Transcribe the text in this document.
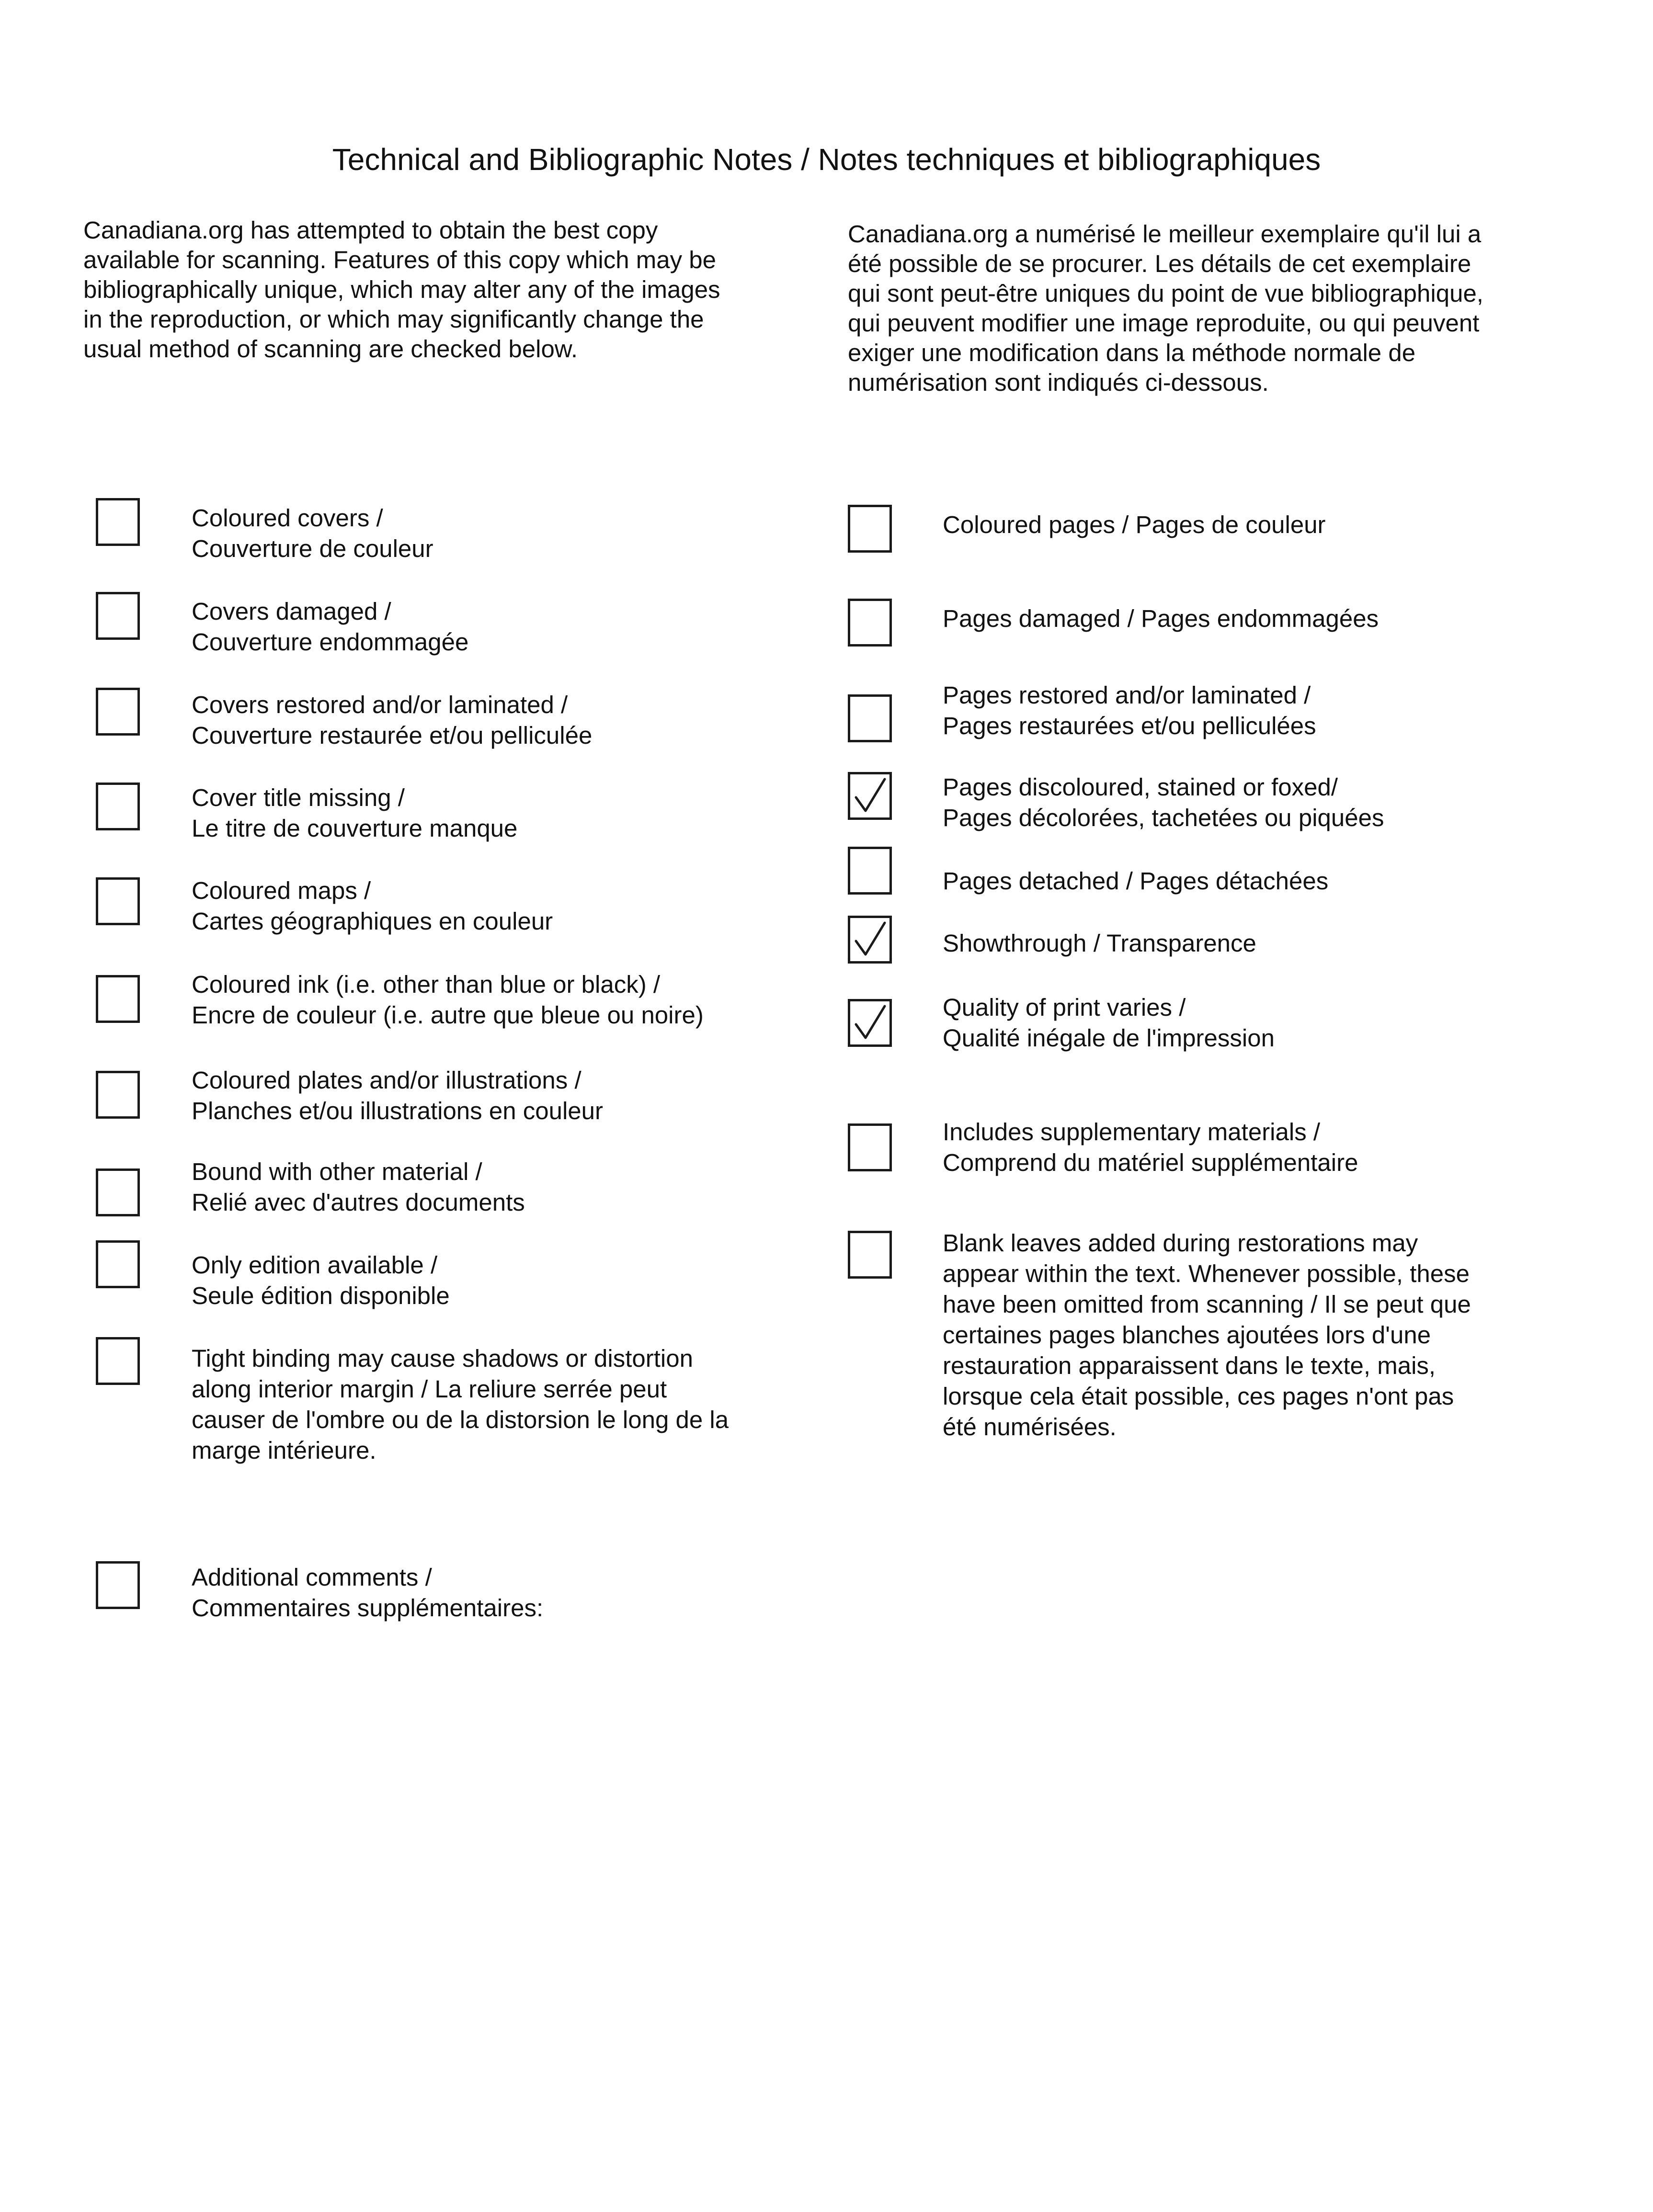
Technical and Bibliographic Notes / Notes techniques et bibliographiques
Canadiana.org has attempted to obtain the best copy
available for scanning. Features of this copy which may be
bibliographically unique, which may alter any of the images
in the reproduction, or which may significantly change the
usual method of scanning are checked below.
Canadiana.org a numérisé le meilleur exemplaire qu'il lui a
été possible de se procurer. Les détails de cet exemplaire
qui sont peut-être uniques du point de vue bibliographique,
qui peuvent modifier une image reproduite, ou qui peuvent
exiger une modification dans la méthode normale de
numérisation sont indiqués ci-dessous.
Coloured covers /
Couverture de couleur
Covers damaged /
Couverture endommagée
Covers restored and/or laminated /
Couverture restaurée et/ou pelliculée
Cover title missing /
Le titre de couverture manque
Coloured maps /
Cartes géographiques en couleur
Coloured ink (i.e. other than blue or black) /
Encre de couleur (i.e. autre que bleue ou noire)
Coloured plates and/or illustrations /
Planches et/ou illustrations en couleur
Bound with other material /
Relié avec d'autres documents
Only edition available /
Seule édition disponible
Tight binding may cause shadows or distortion
along interior margin / La reliure serrée peut
causer de l'ombre ou de la distorsion le long de la
marge intérieure.
Additional comments /
Commentaires supplémentaires:
Coloured pages / Pages de couleur
Pages damaged / Pages endommagées
Pages restored and/or laminated /
Pages restaurées et/ou pelliculées
Pages discoloured, stained or foxed/
Pages décolorées, tachetées ou piquées
Pages detached / Pages détachées
Showthrough / Transparence
Quality of print varies /
Qualité inégale de l'impression
Includes supplementary materials /
Comprend du matériel supplémentaire
Blank leaves added during restorations may
appear within the text. Whenever possible, these
have been omitted from scanning / Il se peut que
certaines pages blanches ajoutées lors d'une
restauration apparaissent dans le texte, mais,
lorsque cela était possible, ces pages n'ont pas
été numérisées.
